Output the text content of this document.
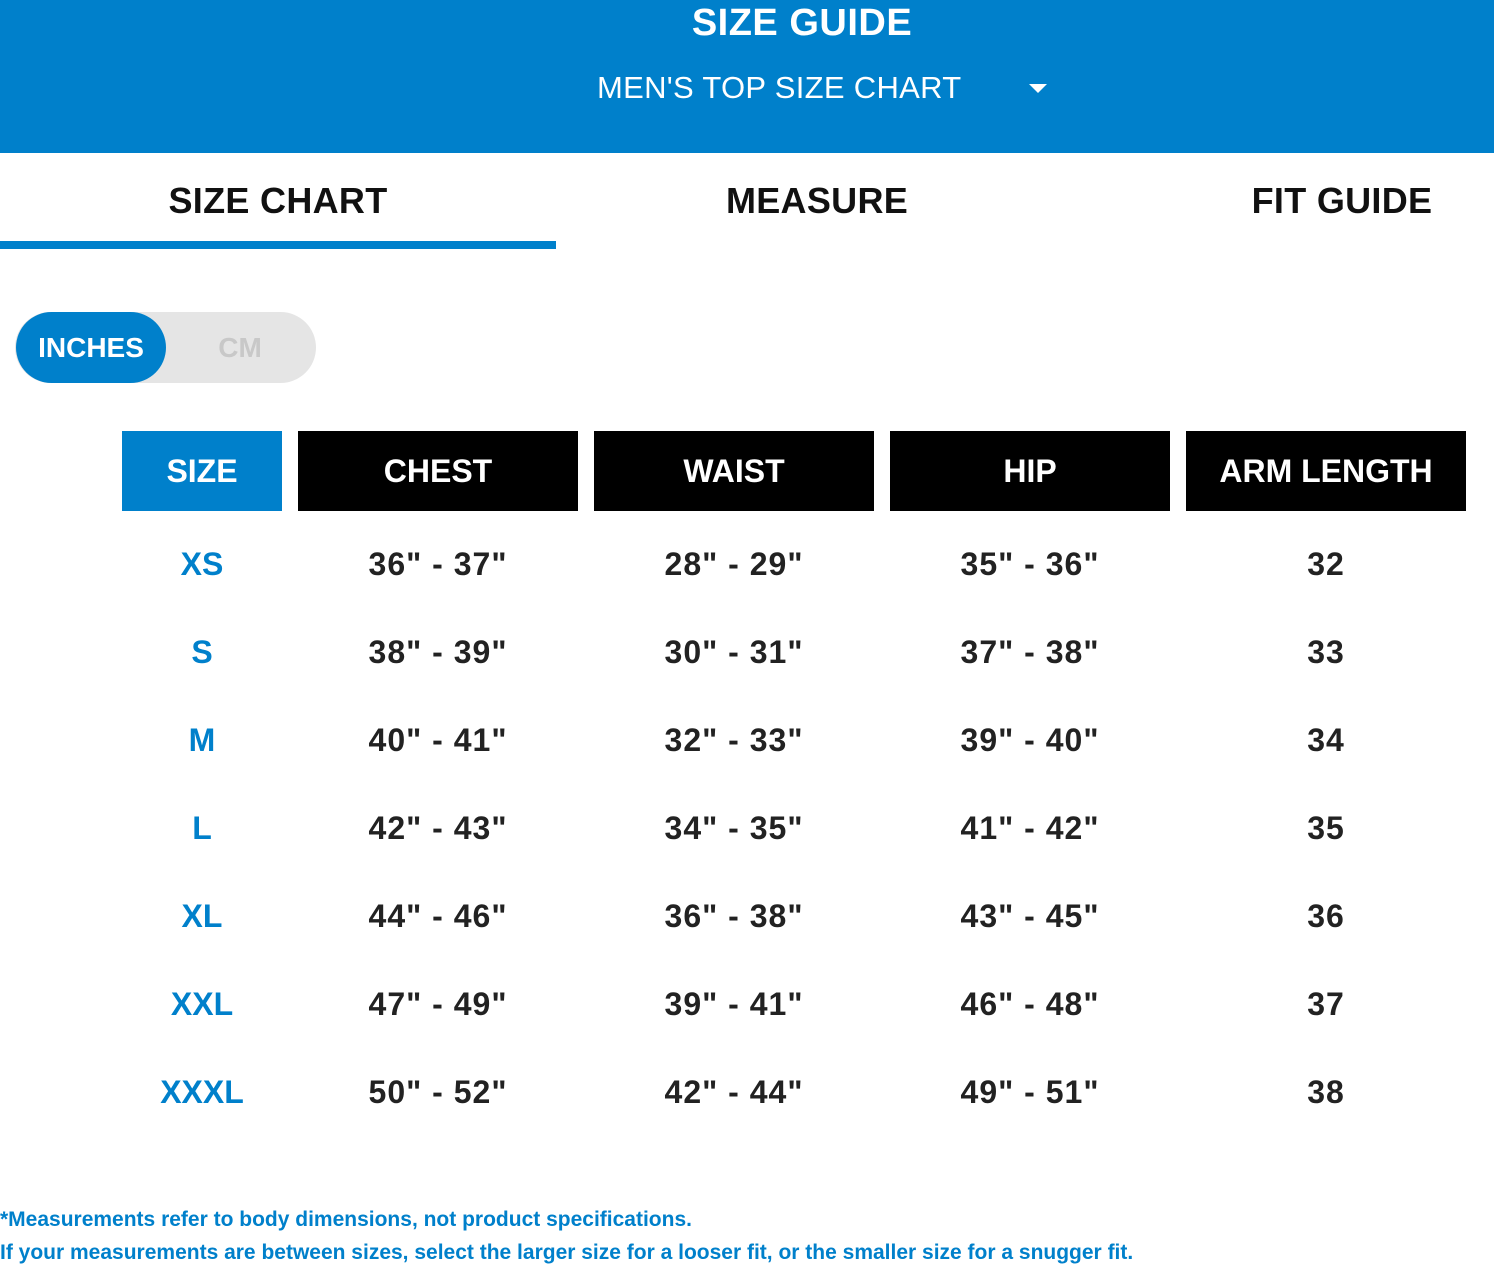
SIZE GUIDE
MEN'S TOP SIZE CHART
SIZE CHART	MEASURE	FIT GUIDE
INCHES	CM
SIZE	CHEST	WAIST	HIP	ARM LENGTH
XS	36" - 37"	28" - 29"	35" - 36"	32
S	38" - 39"	30" - 31"	37" - 38"	33
M	40" - 41"	32" - 33"	39" - 40"	34
L	42" - 43"	34" - 35"	41" - 42"	35
XL	44" - 46"	36" - 38"	43" - 45"	36
XXL	47" - 49"	39" - 41"	46" - 48"	37
XXXL	50" - 52"	42" - 44"	49" - 51"	38
*Measurements refer to body dimensions, not product specifications.
If your measurements are between sizes, select the larger size for a looser fit, or the smaller size for a snugger fit.
